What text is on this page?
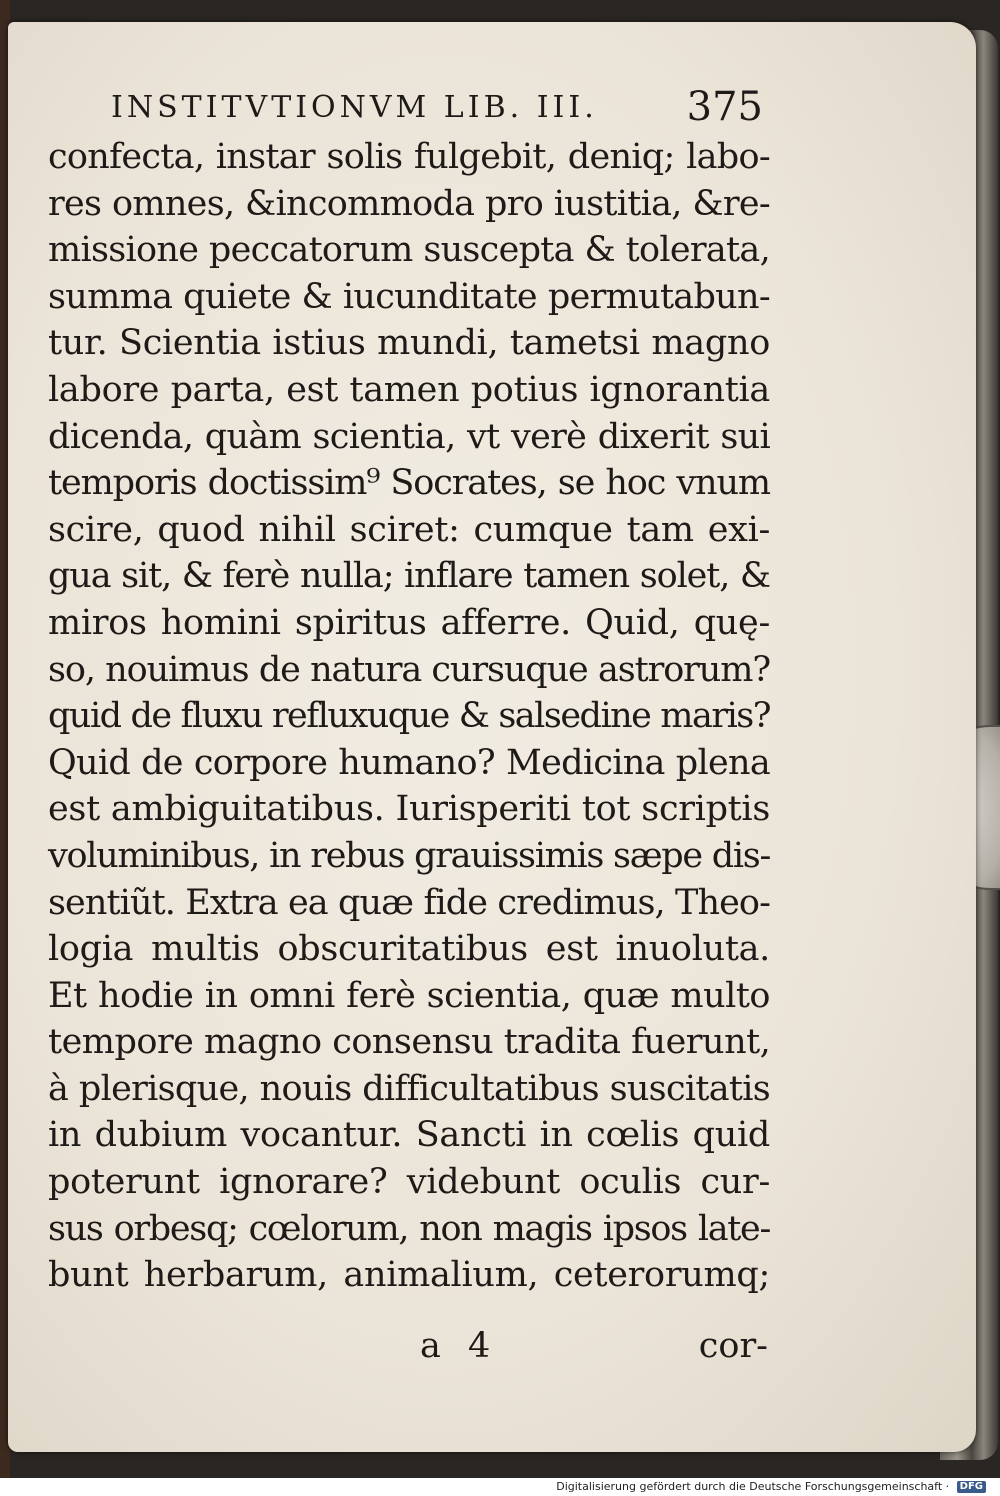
INSTITVTIONVM LIB. III. 375
confecta, instar solis fulgebit, deniq; labo-
res omnes, &incommoda pro iustitia, &re-
missione peccatorum suscepta & tolerata,
summa quiete & iucunditate permutabun-
tur. Scientia istius mundi, tametsi magno
labore parta, est tamen potius ignorantia
dicenda, quàm scientia, vt verè dixerit sui
temporis doctissim⁹ Socrates, se hoc vnum
scire, quod nihil sciret: cumque tam exi-
gua sit, & ferè nulla; inflare tamen solet, &
miros homini spiritus afferre. Quid, quę-
so, nouimus de natura cursuque astrorum?
quid de fluxu refluxuque & salsedine maris?
Quid de corpore humano? Medicina plena
est ambiguitatibus. Iurisperiti tot scriptis
voluminibus, in rebus grauissimis sæpe dis-
sentiũt. Extra ea quæ fide credimus, Theo-
logia multis obscuritatibus est inuoluta.
Et hodie in omni ferè scientia, quæ multo
tempore magno consensu tradita fuerunt,
à plerisque, nouis difficultatibus suscitatis
in dubium vocantur. Sancti in cœlis quid
poterunt ignorare? videbunt oculis cur-
sus orbesq; cœlorum, non magis ipsos late-
bunt herbarum, animalium, ceterorumq;
a 4	cor-
Digitalisierung gefördert durch die Deutsche Forschungsgemeinschaft · DFG
